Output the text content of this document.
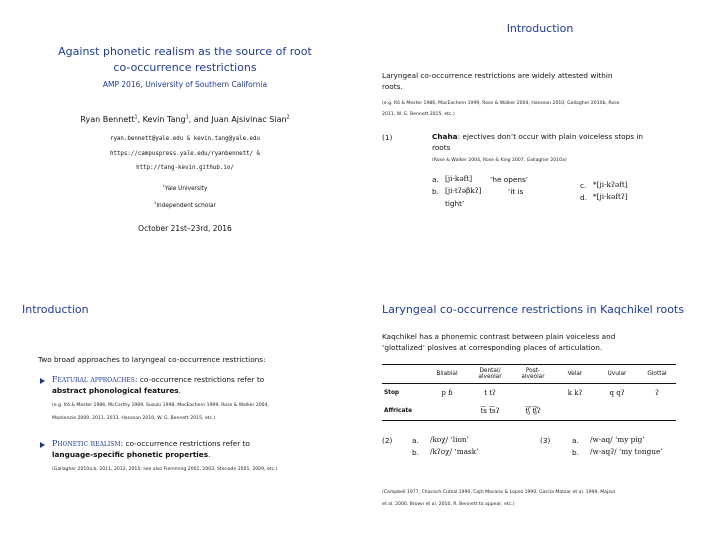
Against phonetic realism as the source of root
co-occurrence restrictions
AMP 2016, University of Southern California
Ryan Bennett$^1$, Kevin Tang$^1$, and Juan Ajsivinac Sian$^2$
ryan.bennett@yale.edu & kevin.tang@yale.edu
https://campuspress.yale.edu/ryanbennett/ &
http://tang-kevin.github.io/
$^1$Yale University
$^2$Independent scholar
October 21st–23rd, 2016
Introduction
Laryngeal co-occurrence restrictions are widely attested within
roots.
(e.g. Itô & Mester 1986, MacEachern 1999, Rose & Walker 2004, Hansson 2010, Gallagher 2010b, Rose
2011, W. G. Bennett 2015, etc.)
(1)	Chaha: ejectives don’t occur with plain voiceless stops in
roots
(Rose & Walker 2004, Rose & King 2007, Gallagher 2010a)
a. [ji-kəft] ‘he opens’
b. [ji-tʔəβkʔ]	‘it is
tight’
c. *[ji-kʔəft]
d. *[ji-kəftʔ]
Introduction
Two broad approaches to laryngeal co-occurrence restrictions:
Featural approaches: co-occurrence restrictions refer to
abstract phonological features.
(e.g. Itô & Mester 1986, McCarthy 1989, Suzuki 1998, MacEachern 1999, Rose & Walker 2004,
Mackenzie 2009, 2011, 2013, Hansson 2010, W. G. Bennett 2015, etc.)
Phonetic realism: co-occurrence restrictions refer to
language-specific phonetic properties.
(Gallagher 2010a,b, 2011, 2012, 2015; see also Flemming 2001, 2003, Steriade 2001, 2009, etc.)
Laryngeal co-occurrence restrictions in Kaqchikel roots
Kaqchikel has a phonemic contrast between plain voiceless and
‘glottalized’ plosives at corresponding places of articulation.
	Bilabial	Dental/ alveolar	Post- alveolar	Velar	Uvular	Glottal
Stop	p ɓ	t tʔ		k kʔ	q qʔ	ʔ
Affricate		t͡s t͡sʔ	t͡ʃ t͡ʃʔ			
(2)	a. /koχ/ ‘lion’
b. /kʔoχ/ ‘mask’
(3)	a. /w-aq/ ‘my pig’
b. /w-aqʔ/ ‘my tongue’
(Campbell 1977, Chacach Cutzal 1990, Cojtí Macario & Lopez 1990, García Matzar et al. 1999, Majzul
et al. 2000, Brown et al. 2010, R. Bennett to appear, etc.)
